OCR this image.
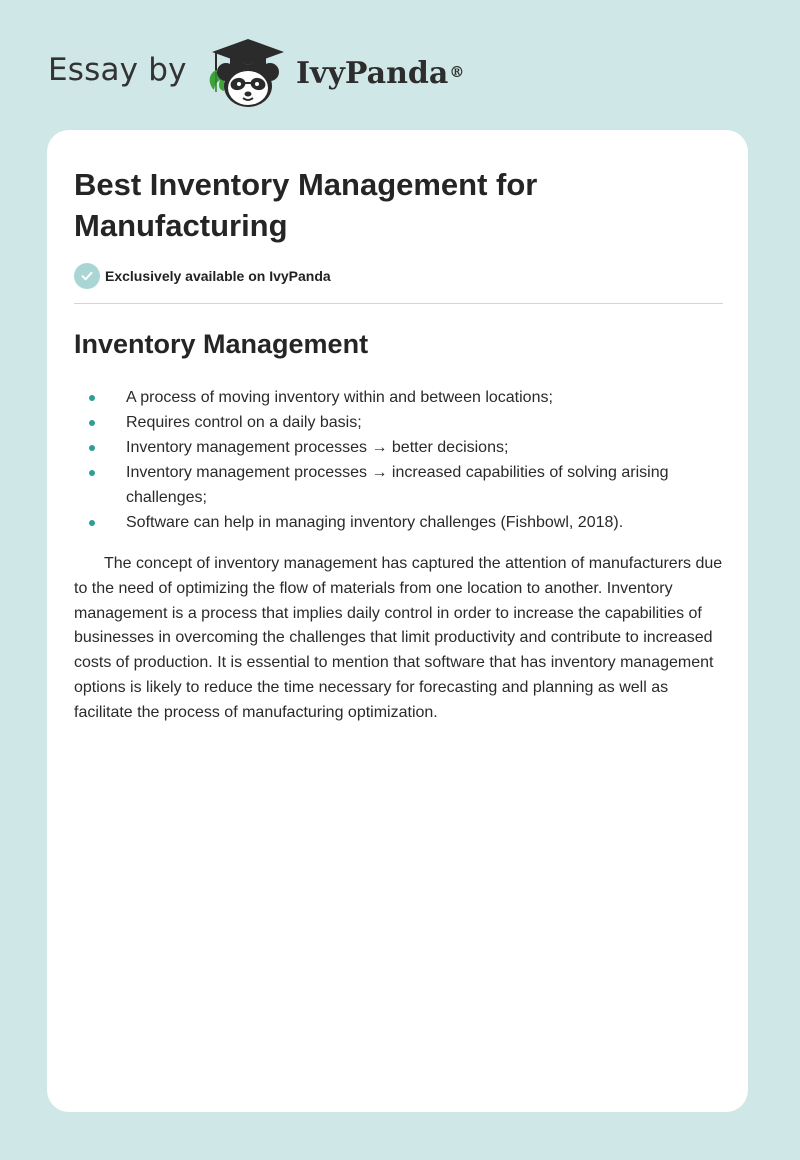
Essay by	IvyPanda®
Best Inventory Management for Manufacturing
Exclusively available on IvyPanda
Inventory Management
A process of moving inventory within and between locations;
Requires control on a daily basis;
Inventory management processes → better decisions;
Inventory management processes → increased capabilities of solving arising challenges;
Software can help in managing inventory challenges (Fishbowl, 2018).

The concept of inventory management has captured the attention of manufacturers due to the need of optimizing the flow of materials from one location to another. Inventory management is a process that implies daily control in order to increase the capabilities of businesses in overcoming the challenges that limit productivity and contribute to increased costs of production. It is essential to mention that software that has inventory management options is likely to reduce the time necessary for forecasting and planning as well as facilitate the process of manufacturing optimization.
